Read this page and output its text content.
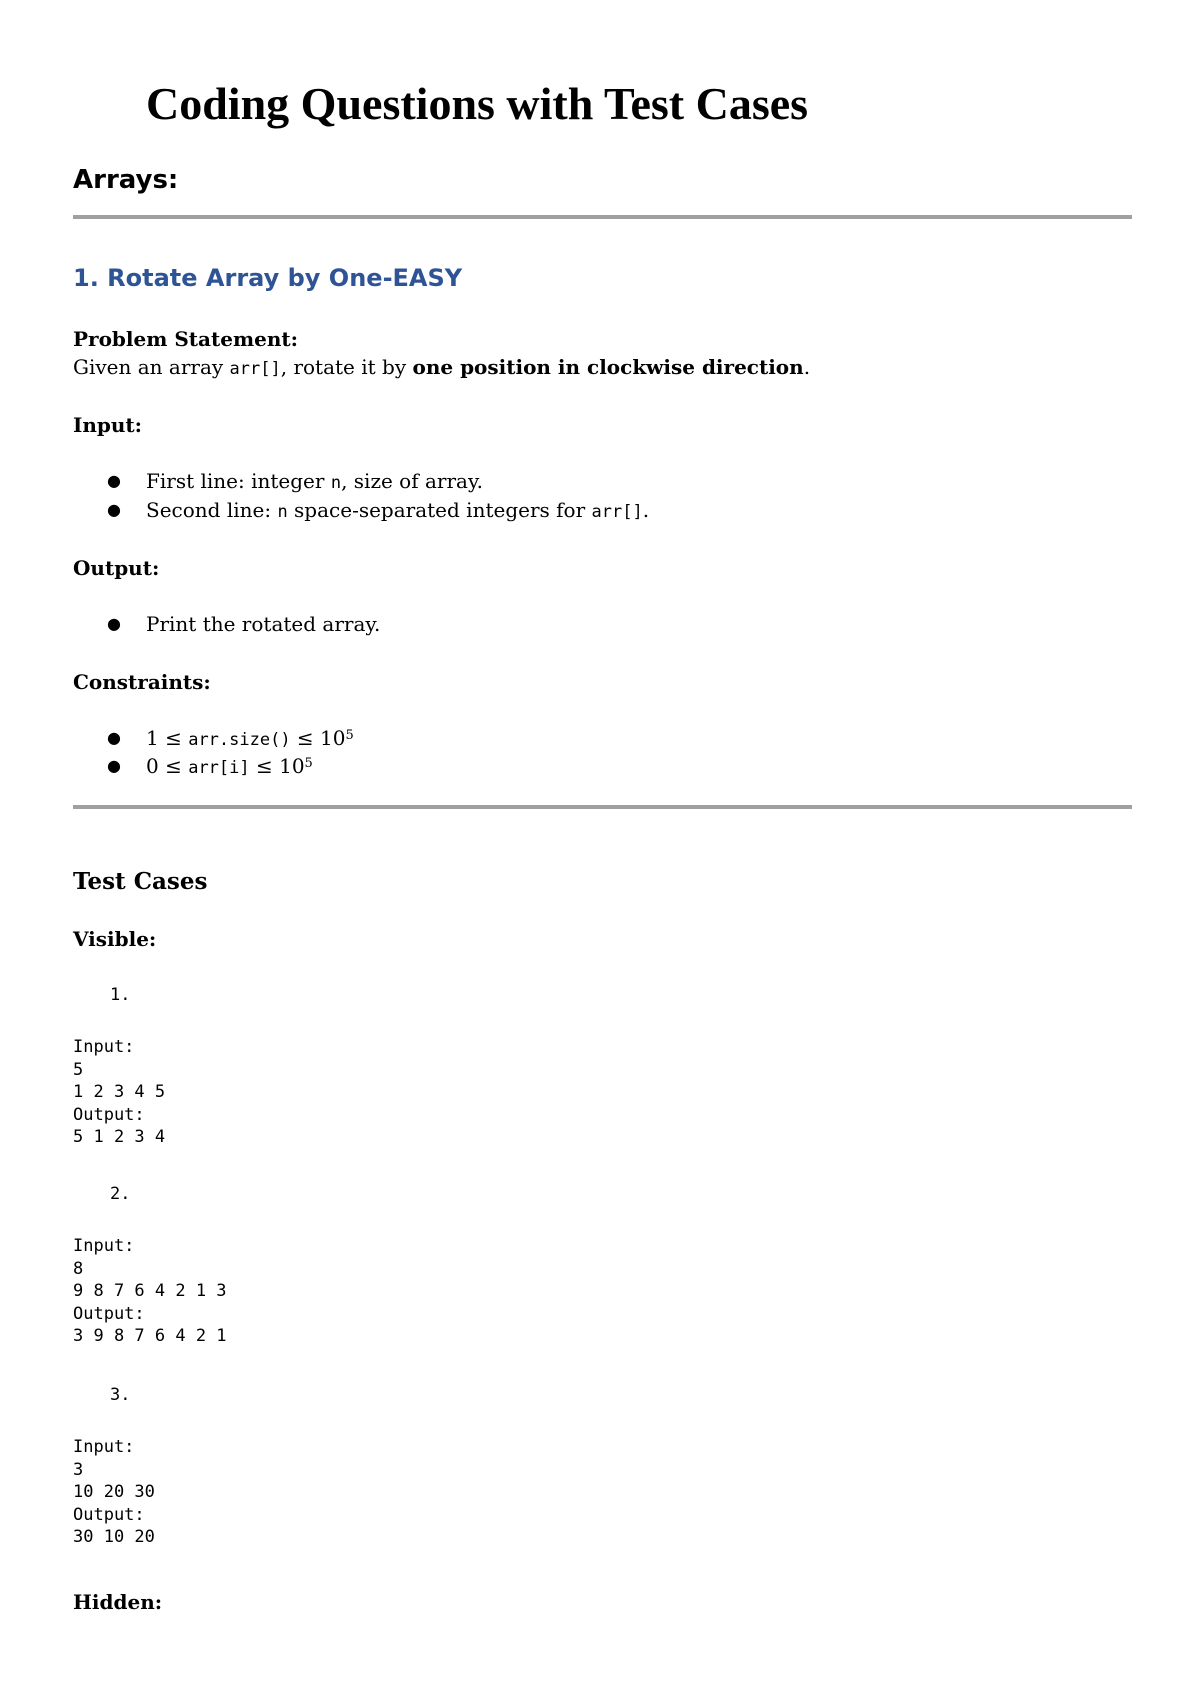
Coding Questions with Test Cases
Arrays:
1. Rotate Array by One-EASY
Problem Statement:
Given an array arr[], rotate it by one position in clockwise direction.
Input:
● First line: integer n, size of array.
● Second line: n space-separated integers for arr[].
Output:
● Print the rotated array.
Constraints:
● 1 ≤ arr.size() ≤ $10^5$
● $0 \le arr[i] \le 10^5$
Test Cases
Visible:
1.
Input:
5
1 2 3 4 5
Output:
5 1 2 3 4
2.
Input:
8
9 8 7 6 4 2 1 3
Output:
3 9 8 7 6 4 2 1
3.
Input:
3
10 20 30
Output:
30 10 20
Hidden:
